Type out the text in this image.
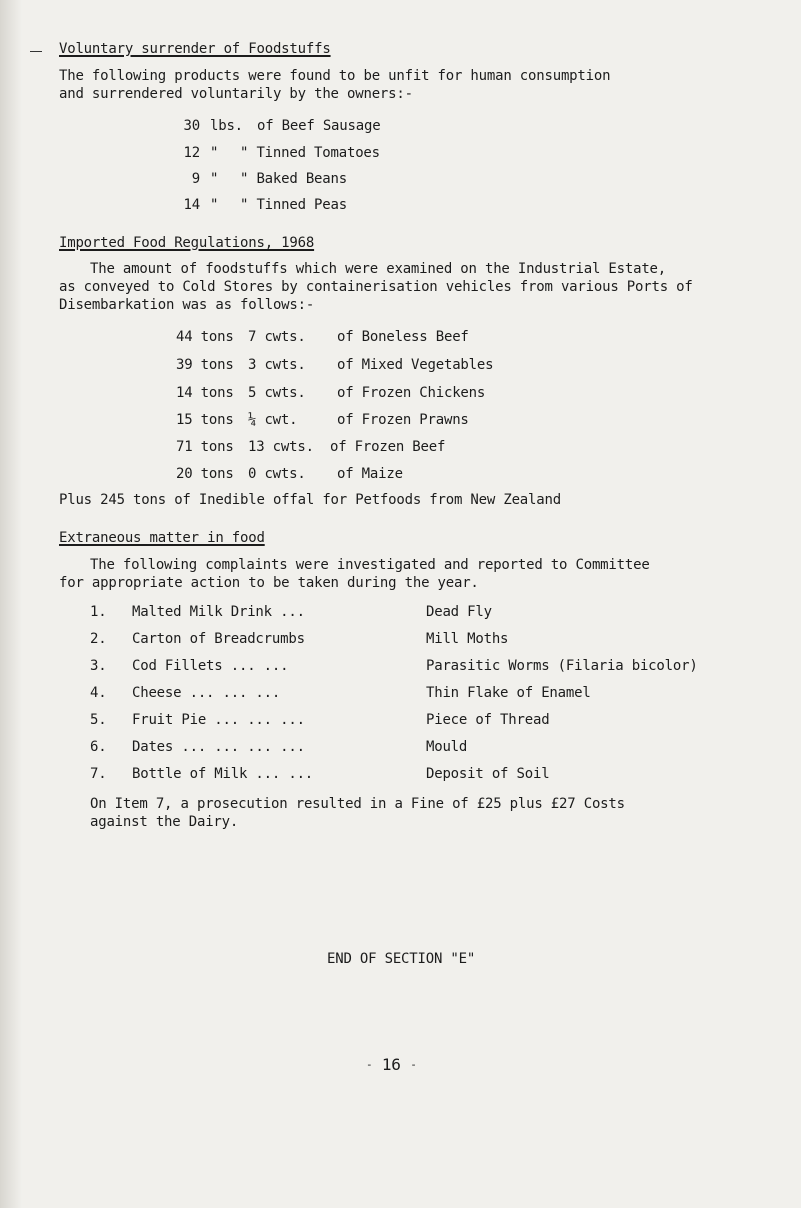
Voluntary surrender of Foodstuffs
The following products were found to be unfit for human consumption
and surrendered voluntarily by the owners:-
30 lbs. of Beef Sausage
12 " " Tinned Tomatoes
9 " " Baked Beans
14 " " Tinned Peas
Imported Food Regulations, 1968
The amount of foodstuffs which were examined on the Industrial Estate,
as conveyed to Cold Stores by containerisation vehicles from various Ports of
Disembarkation was as follows:-
44 tons 7 cwts. of Boneless Beef
39 tons 3 cwts. of Mixed Vegetables
14 tons 5 cwts. of Frozen Chickens
15 tons ¼ cwt.	of Frozen Prawns
71 tons 13 cwts. of Frozen Beef
20 tons 0 cwts. of Maize
Plus 245 tons of Inedible offal for Petfoods from New Zealand
Extraneous matter in food
The following complaints were investigated and reported to Committee
for appropriate action to be taken during the year.
1. Malted Milk Drink ...	Dead Fly
2. Carton of Breadcrumbs	Mill Moths
3. Cod Fillets ... ...	Parasitic Worms (Filaria bicolor)
4. Cheese ... ... ...	Thin Flake of Enamel
5. Fruit Pie ... ... ...	Piece of Thread
6. Dates ... ... ... ...	Mould
7. Bottle of Milk ... ...	Deposit of Soil
On Item 7, a prosecution resulted in a Fine of £25 plus £27 Costs
against the Dairy.
END OF SECTION "E"
- 16 -
